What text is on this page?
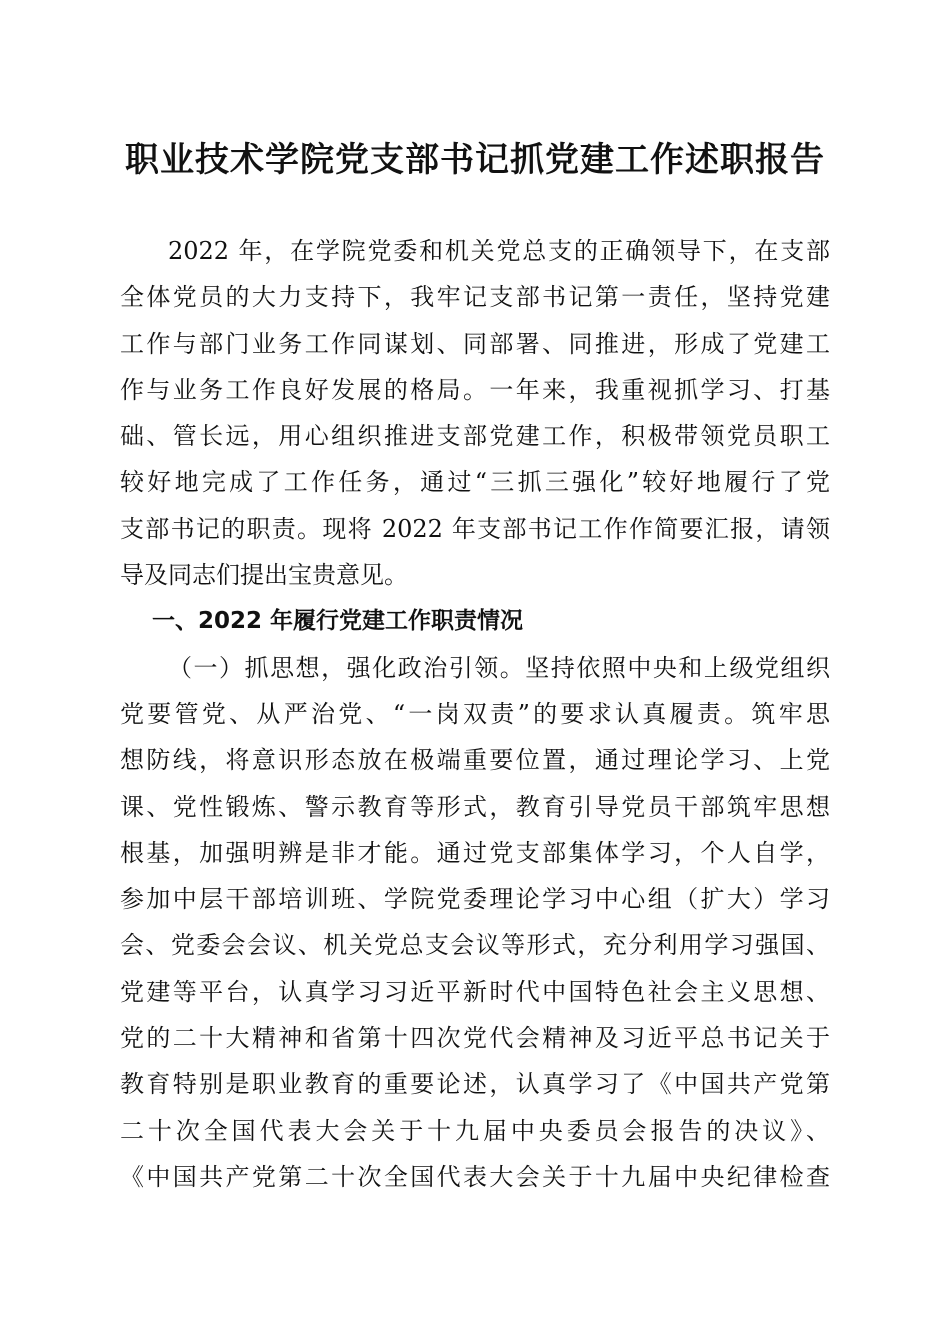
职业技术学院党支部书记抓党建工作述职报告
2022 年，在学院党委和机关党总支的正确领导下，在支部
全体党员的大力支持下，我牢记支部书记第一责任，坚持党建
工作与部门业务工作同谋划、同部署、同推进，形成了党建工
作与业务工作良好发展的格局。一年来，我重视抓学习、打基
础、管长远，用心组织推进支部党建工作，积极带领党员职工
较好地完成了工作任务，通过“三抓三强化”较好地履行了党
支部书记的职责。现将 2022 年支部书记工作作简要汇报，请领
导及同志们提出宝贵意见。
一、2022 年履行党建工作职责情况
（一）抓思想，强化政治引领。坚持依照中央和上级党组织
党要管党、从严治党、“一岗双责”的要求认真履责。筑牢思
想防线，将意识形态放在极端重要位置，通过理论学习、上党
课、党性锻炼、警示教育等形式，教育引导党员干部筑牢思想
根基，加强明辨是非才能。通过党支部集体学习，个人自学，
参加中层干部培训班、学院党委理论学习中心组（扩大）学习
会、党委会会议、机关党总支会议等形式，充分利用学习强国、
党建等平台，认真学习习近平新时代中国特色社会主义思想、
党的二十大精神和省第十四次党代会精神及习近平总书记关于
教育特别是职业教育的重要论述，认真学习了《中国共产党第
二十次全国代表大会关于十九届中央委员会报告的决议》、
《中国共产党第二十次全国代表大会关于十九届中央纪律检查
